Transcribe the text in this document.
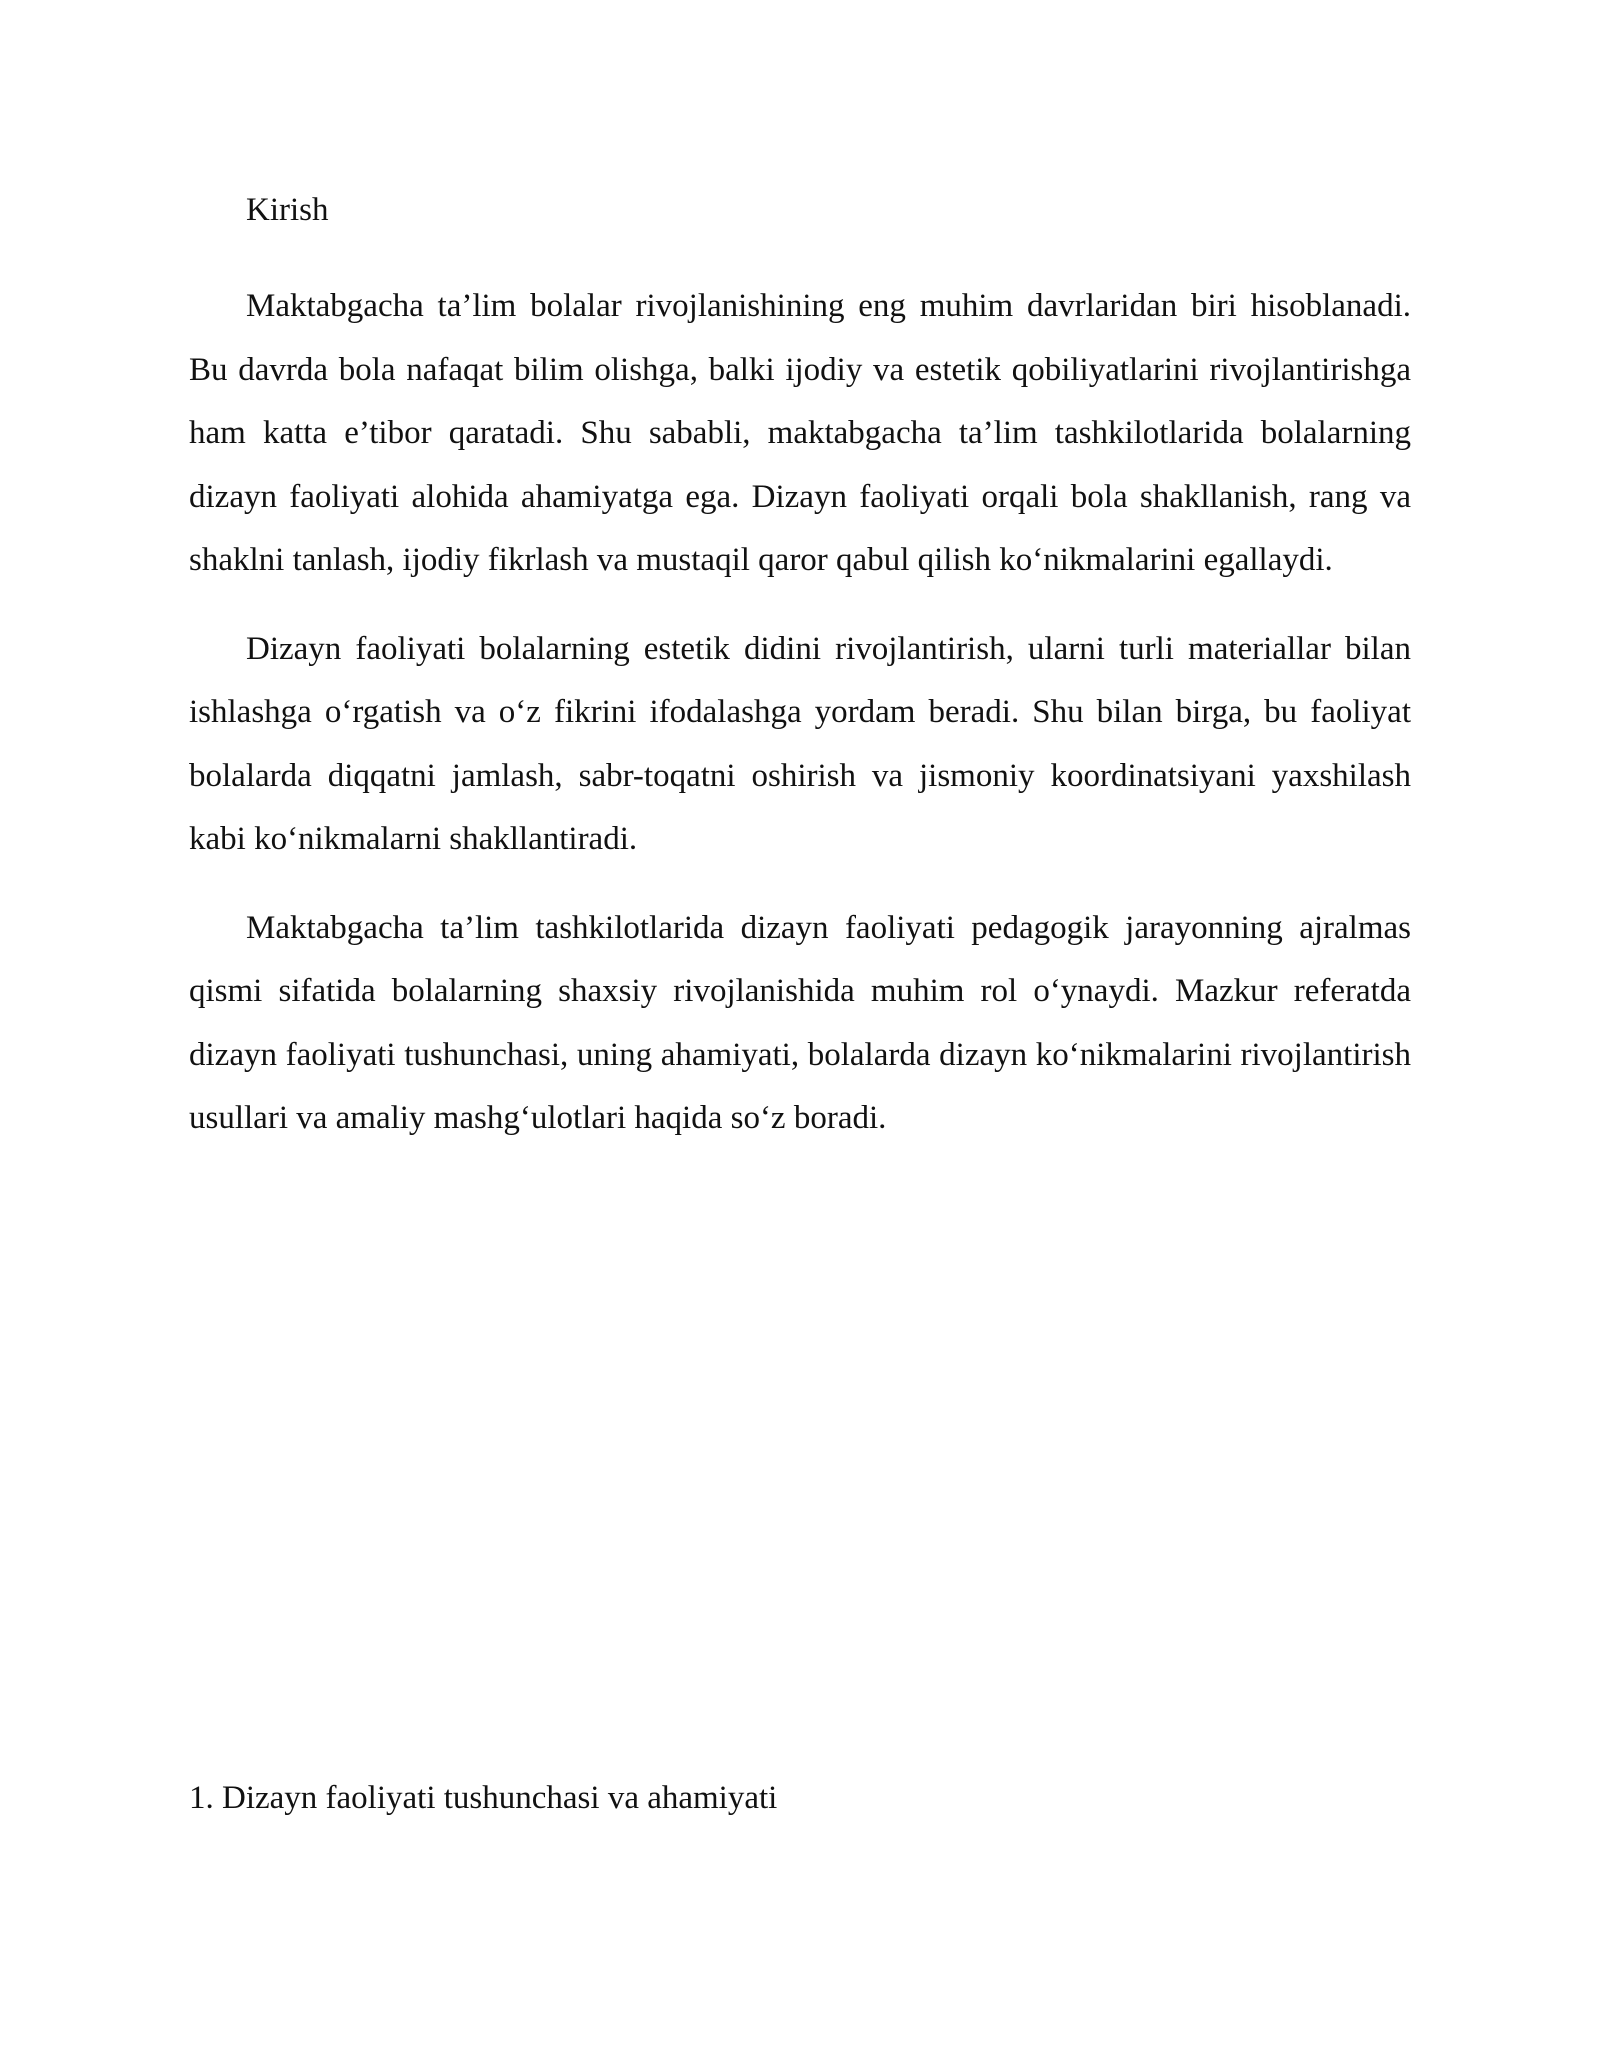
Kirish

Maktabgacha ta’lim bolalar rivojlanishining eng muhim davrlaridan biri hisoblanadi. Bu davrda bola nafaqat bilim olishga, balki ijodiy va estetik qobiliyatlarini rivojlantirishga ham katta e’tibor qaratadi. Shu sababli, maktabgacha ta’lim tashkilotlarida bolalarning dizayn faoliyati alohida ahamiyatga ega. Dizayn faoliyati orqali bola shakllanish, rang va shaklni tanlash, ijodiy fikrlash va mustaqil qaror qabul qilish ko‘nikmalarini egallaydi.

Dizayn faoliyati bolalarning estetik didini rivojlantirish, ularni turli materiallar bilan ishlashga o‘rgatish va o‘z fikrini ifodalashga yordam beradi. Shu bilan birga, bu faoliyat bolalarda diqqatni jamlash, sabr-toqatni oshirish va jismoniy koordinatsiyani yaxshilash kabi ko‘nikmalarni shakllantiradi.

Maktabgacha ta’lim tashkilotlarida dizayn faoliyati pedagogik jarayonning ajralmas qismi sifatida bolalarning shaxsiy rivojlanishida muhim rol o‘ynaydi. Mazkur referatda dizayn faoliyati tushunchasi, uning ahamiyati, bolalarda dizayn ko‘nikmalarini rivojlantirish usullari va amaliy mashg‘ulotlari haqida so‘z boradi.

1. Dizayn faoliyati tushunchasi va ahamiyati
